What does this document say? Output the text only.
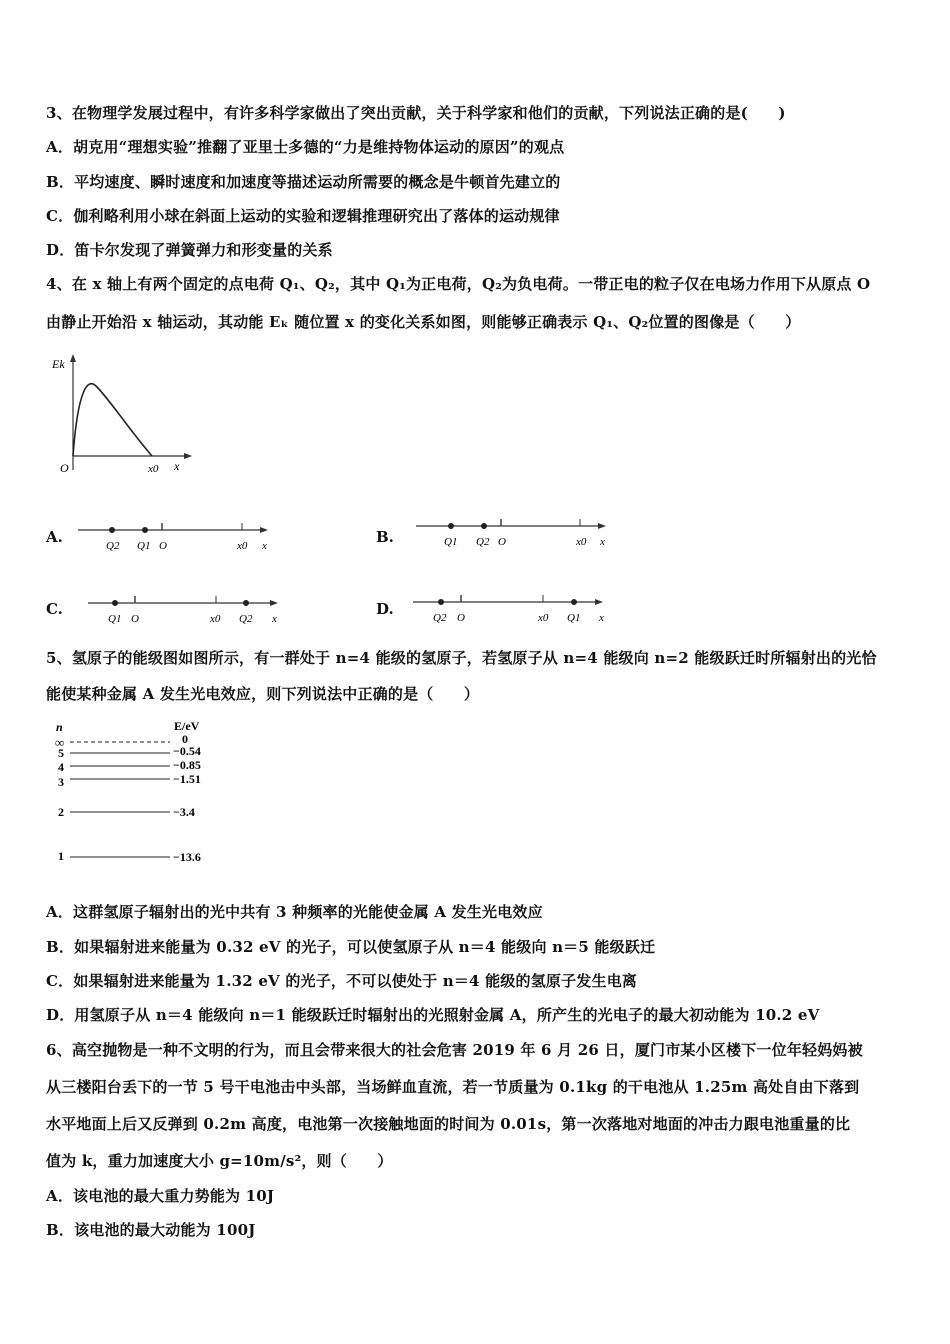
3、在物理学发展过程中，有许多科学家做出了突出贡献，关于科学家和他们的贡献，下列说法正确的是(　　)
A．胡克用“理想实验”推翻了亚里士多德的“力是维持物体运动的原因”的观点
B．平均速度、瞬时速度和加速度等描述运动所需要的概念是牛顿首先建立的
C．伽利略利用小球在斜面上运动的实验和逻辑推理研究出了落体的运动规律
D．笛卡尔发现了弹簧弹力和形变量的关系
4、在 x 轴上有两个固定的点电荷 Q₁、Q₂，其中 Q₁为正电荷，Q₂为负电荷。一带正电的粒子仅在电场力作用下从原点 O
由静止开始沿 x 轴运动，其动能 Eₖ 随位置 x 的变化关系如图，则能够正确表示 Q₁、Q₂位置的图像是（　　）
Ek
O	x0 x
A.	Q2 Q1 O	x0 x	B.	Q1 Q2 O	x0 x
C.
Q1 O	x0 Q2 x
D.	Q2 O	x0 Q1 x
5、氢原子的能级图如图所示，有一群处于 n=4 能级的氢原子，若氢原子从 n=4 能级向 n=2 能级跃迁时所辐射出的光恰
能使某种金属 A 发生光电效应，则下列说法中正确的是（　　）
n	E/eV
∞	0
5	−0.54
4	−0.85
3	−1.51
2	−3.4
1	−13.6
A．这群氢原子辐射出的光中共有 3 种频率的光能使金属 A 发生光电效应
B．如果辐射进来能量为 0.32 eV 的光子，可以使氢原子从 n＝4 能级向 n＝5 能级跃迁
C．如果辐射进来能量为 1.32 eV 的光子，不可以使处于 n＝4 能级的氢原子发生电离
D．用氢原子从 n＝4 能级向 n＝1 能级跃迁时辐射出的光照射金属 A，所产生的光电子的最大初动能为 10.2 eV
6、高空抛物是一种不文明的行为，而且会带来很大的社会危害 2019 年 6 月 26 日，厦门市某小区楼下一位年轻妈妈被
从三楼阳台丢下的一节 5 号干电池击中头部，当场鲜血直流，若一节质量为 0.1kg 的干电池从 1.25m 高处自由下落到
水平地面上后又反弹到 0.2m 高度，电池第一次接触地面的时间为 0.01s，第一次落地对地面的冲击力跟电池重量的比
值为 k，重力加速度大小 g=10m/s²，则（　　）
A．该电池的最大重力势能为 10J
B．该电池的最大动能为 100J
